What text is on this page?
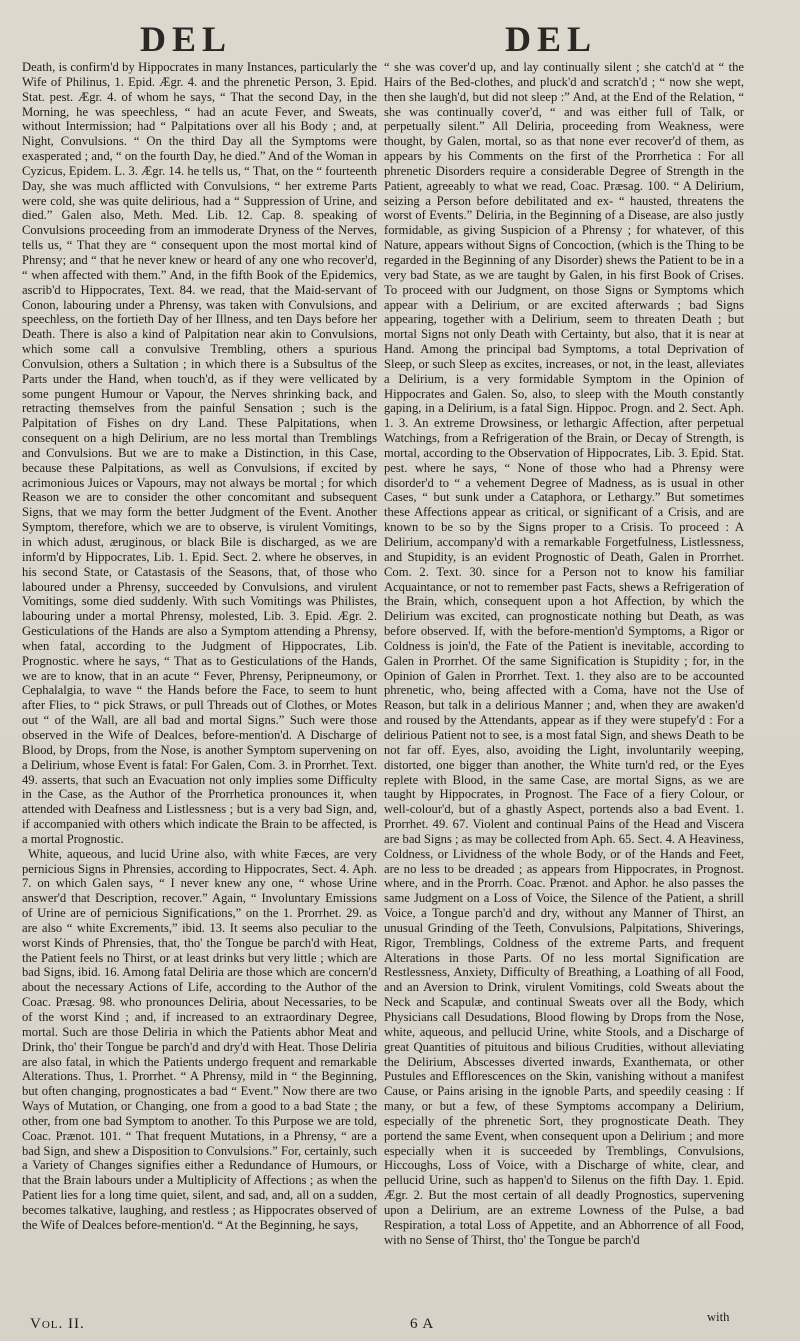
DEL	DEL

Death, is confirm'd by Hippocrates in many Instances, particularly the Wife of Philinus, 1. Epid. Ægr. 4. and the phrenetic Person, 3. Epid. Stat. pest. Ægr. 4. of whom he says, “ That the second Day, in the Morning, he was speechless, “ had an acute Fever, and Sweats, without Intermission; had “ Palpitations over all his Body ; and, at Night, Convulsions. “ On the third Day all the Symptoms were exasperated ; and, “ on the fourth Day, he died.” And of the Woman in Cyzicus, Epidem. L. 3. Ægr. 14. he tells us, “ That, on the “ fourteenth Day, she was much afflicted with Convulsions, “ her extreme Parts were cold, she was quite delirious, had a “ Suppression of Urine, and died.” Galen also, Meth. Med. Lib. 12. Cap. 8. speaking of Convulsions proceeding from an immoderate Dryness of the Nerves, tells us, “ That they are “ consequent upon the most mortal kind of Phrensy; and “ that he never knew or heard of any one who recover'd, “ when affected with them.” And, in the fifth Book of the Epidemics, ascrib'd to Hippocrates, Text. 84. we read, that the Maid-servant of Conon, labouring under a Phrensy, was taken with Convulsions, and speechless, on the fortieth Day of her Illness, and ten Days before her Death. There is also a kind of Palpitation near akin to Convulsions, which some call a convulsive Trembling, others a spurious Convulsion, others a Sultation ; in which there is a Subsultus of the Parts under the Hand, when touch'd, as if they were vellicated by some pungent Humour or Vapour, the Nerves shrinking back, and retracting themselves from the painful Sensation ; such is the Palpitation of Fishes on dry Land. These Palpitations, when consequent on a high Delirium, are no less mortal than Tremblings and Convulsions. But we are to make a Distinction, in this Case, because these Palpitations, as well as Convulsions, if excited by acrimonious Juices or Vapours, may not always be mortal ; for which Reason we are to consider the other concomitant and subsequent Signs, that we may form the better Judgment of the Event. Another Symptom, therefore, which we are to observe, is virulent Vomitings, in which adust, æruginous, or black Bile is discharged, as we are inform'd by Hippocrates, Lib. 1. Epid. Sect. 2. where he observes, in his second State, or Catastasis of the Seasons, that, of those who laboured under a Phrensy, succeeded by Convulsions, and virulent Vomitings, some died suddenly. With such Vomitings was Philistes, labouring under a mortal Phrensy, molested, Lib. 3. Epid. Ægr. 2. Gesticulations of the Hands are also a Symptom attending a Phrensy, when fatal, according to the Judgment of Hippocrates, Lib. Prognostic. where he says, “ That as to Gesticulations of the Hands, we are to know, that in an acute “ Fever, Phrensy, Peripneumony, or Cephalalgia, to wave “ the Hands before the Face, to seem to hunt after Flies, to “ pick Straws, or pull Threads out of Clothes, or Motes out “ of the Wall, are all bad and mortal Signs.” Such were those observed in the Wife of Dealces, before-mention'd. A Discharge of Blood, by Drops, from the Nose, is another Symptom supervening on a Delirium, whose Event is fatal: For Galen, Com. 3. in Prorrhet. Text. 49. asserts, that such an Evacuation not only implies some Difficulty in the Case, as the Author of the Prorrhetica pronounces it, when attended with Deafness and Listlessness ; but is a very bad Sign, and, if accompanied with others which indicate the Brain to be affected, is a mortal Prognostic.

White, aqueous, and lucid Urine also, with white Fæces, are very pernicious Signs in Phrensies, according to Hippocrates, Sect. 4. Aph. 7. on which Galen says, “ I never knew any one, “ whose Urine answer'd that Description, recover.” Again, “ Involuntary Emissions of Urine are of pernicious Significations,” on the 1. Prorrhet. 29. as are also “ white Excrements,” ibid. 13. It seems also peculiar to the worst Kinds of Phrensies, that, tho' the Tongue be parch'd with Heat, the Patient feels no Thirst, or at least drinks but very little ; which are bad Signs, ibid. 16. Among fatal Deliria are those which are concern'd about the necessary Actions of Life, according to the Author of the Coac. Præsag. 98. who pronounces Deliria, about Necessaries, to be of the worst Kind ; and, if increased to an extraordinary Degree, mortal. Such are those Deliria in which the Patients abhor Meat and Drink, tho' their Tongue be parch'd and dry'd with Heat. Those Deliria are also fatal, in which the Patients undergo frequent and remarkable Alterations. Thus, 1. Prorrhet. “ A Phrensy, mild in “ the Beginning, but often changing, prognosticates a bad “ Event.” Now there are two Ways of Mutation, or Changing, one from a good to a bad State ; the other, from one bad Symptom to another. To this Purpose we are told, Coac. Prænot. 101. “ That frequent Mutations, in a Phrensy, “ are a bad Sign, and shew a Disposition to Convulsions.” For, certainly, such a Variety of Changes signifies either a Redundance of Humours, or that the Brain labours under a Multiplicity of Affections ; as when the Patient lies for a long time quiet, silent, and sad, and, all on a sudden, becomes talkative, laughing, and restless ; as Hippocrates observed of the Wife of Dealces before-mention'd. “ At the Beginning, he says,

“ she was cover'd up, and lay continually silent ; she catch'd at “ the Hairs of the Bed-clothes, and pluck'd and scratch'd ; “ now she wept, then she laugh'd, but did not sleep :” And, at the End of the Relation, “ she was continually cover'd, “ and was either full of Talk, or perpetually silent.” All Deliria, proceeding from Weakness, were thought, by Galen, mortal, so as that none ever recover'd of them, as appears by his Comments on the first of the Prorrhetica : For all phrenetic Disorders require a considerable Degree of Strength in the Patient, agreeably to what we read, Coac. Præsag. 100. “ A Delirium, seizing a Person before debilitated and ex- “ hausted, threatens the worst of Events.” Deliria, in the Beginning of a Disease, are also justly formidable, as giving Suspicion of a Phrensy ; for whatever, of this Nature, appears without Signs of Concoction, (which is the Thing to be regarded in the Beginning of any Disorder) shews the Patient to be in a very bad State, as we are taught by Galen, in his first Book of Crises. To proceed with our Judgment, on those Signs or Symptoms which appear with a Delirium, or are excited afterwards ; bad Signs appearing, together with a Delirium, seem to threaten Death ; but mortal Signs not only Death with Certainty, but also, that it is near at Hand. Among the principal bad Symptoms, a total Deprivation of Sleep, or such Sleep as excites, increases, or not, in the least, alleviates a Delirium, is a very formidable Symptom in the Opinion of Hippocrates and Galen. So, also, to sleep with the Mouth constantly gaping, in a Delirium, is a fatal Sign. Hippoc. Progn. and 2. Sect. Aph. 1. 3. An extreme Drowsiness, or lethargic Affection, after perpetual Watchings, from a Refrigeration of the Brain, or Decay of Strength, is mortal, according to the Observation of Hippocrates, Lib. 3. Epid. Stat. pest. where he says, “ None of those who had a Phrensy were disorder'd to “ a vehement Degree of Madness, as is usual in other Cases, “ but sunk under a Cataphora, or Lethargy.” But sometimes these Affections appear as critical, or significant of a Crisis, and are known to be so by the Signs proper to a Crisis. To proceed : A Delirium, accompany'd with a remarkable Forgetfulness, Listlessness, and Stupidity, is an evident Prognostic of Death, Galen in Prorrhet. Com. 2. Text. 30. since for a Person not to know his familiar Acquaintance, or not to remember past Facts, shews a Refrigeration of the Brain, which, consequent upon a hot Affection, by which the Delirium was excited, can prognosticate nothing but Death, as was before observed. If, with the before-mention'd Symptoms, a Rigor or Coldness is join'd, the Fate of the Patient is inevitable, according to Galen in Prorrhet. Of the same Signification is Stupidity ; for, in the Opinion of Galen in Prorrhet. Text. 1. they also are to be accounted phrenetic, who, being affected with a Coma, have not the Use of Reason, but talk in a delirious Manner ; and, when they are awaken'd and roused by the Attendants, appear as if they were stupefy'd : For a delirious Patient not to see, is a most fatal Sign, and shews Death to be not far off. Eyes, also, avoiding the Light, involuntarily weeping, distorted, one bigger than another, the White turn'd red, or the Eyes replete with Blood, in the same Case, are mortal Signs, as we are taught by Hippocrates, in Prognost. The Face of a fiery Colour, or well-colour'd, but of a ghastly Aspect, portends also a bad Event. 1. Prorrhet. 49. 67. Violent and continual Pains of the Head and Viscera are bad Signs ; as may be collected from Aph. 65. Sect. 4. A Heaviness, Coldness, or Lividness of the whole Body, or of the Hands and Feet, are no less to be dreaded ; as appears from Hippocrates, in Prognost. where, and in the Prorrh. Coac. Prænot. and Aphor. he also passes the same Judgment on a Loss of Voice, the Silence of the Patient, a shrill Voice, a Tongue parch'd and dry, without any Manner of Thirst, an unusual Grinding of the Teeth, Convulsions, Palpitations, Shiverings, Rigor, Tremblings, Coldness of the extreme Parts, and frequent Alterations in those Parts. Of no less mortal Signification are Restlessness, Anxiety, Difficulty of Breathing, a Loathing of all Food, and an Aversion to Drink, virulent Vomitings, cold Sweats about the Neck and Scapulæ, and continual Sweats over all the Body, which Physicians call Desudations, Blood flowing by Drops from the Nose, white, aqueous, and pellucid Urine, white Stools, and a Discharge of great Quantities of pituitous and bilious Crudities, without alleviating the Delirium, Abscesses diverted inwards, Exanthemata, or other Pustules and Efflorescences on the Skin, vanishing without a manifest Cause, or Pains arising in the ignoble Parts, and speedily ceasing : If many, or but a few, of these Symptoms accompany a Delirium, especially of the phrenetic Sort, they prognosticate Death. They portend the same Event, when consequent upon a Delirium ; and more especially when it is succeeded by Tremblings, Convulsions, Hiccoughs, Loss of Voice, with a Discharge of white, clear, and pellucid Urine, such as happen'd to Silenus on the fifth Day. 1. Epid. Ægr. 2. But the most certain of all deadly Prognostics, supervening upon a Delirium, are an extreme Lowness of the Pulse, a bad Respiration, a total Loss of Appetite, and an Abhorrence of all Food, with no Sense of Thirst, tho' the Tongue be parch'd

Vol. II.	6 A	with
